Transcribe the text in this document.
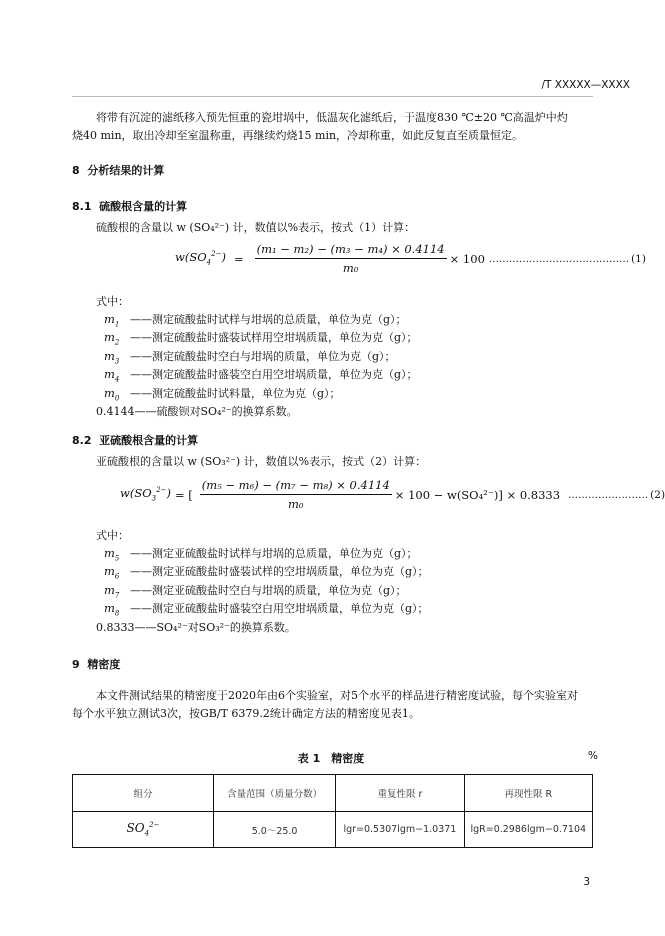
/T XXXXX—XXXX
将带有沉淀的滤纸移入预先恒重的瓷坩埚中，低温灰化滤纸后，于温度830 ℃±20 ℃高温炉中灼
烧40 min，取出冷却至室温称重，再继续灼烧15 min，冷却称重，如此反复直至质量恒定。
8 分析结果的计算
8.1 硫酸根含量的计算
硫酸根的含量以 w (SO₄²⁻) 计，数值以%表示，按式（1）计算：
$w(SO_4^{2-}) = \frac{\text{(m₁ − m₂) − (m₃ − m₄) × 0.4114}}{\text{m₀}} \times 100$ .......................................... (1)
式中：
$m_1$ ——测定硫酸盐时试样与坩埚的总质量，单位为克（g）；
$m_2$ ——测定硫酸盐时盛装试样用空坩埚质量，单位为克（g）；
$m_3$ ——测定硫酸盐时空白与坩埚的质量，单位为克（g）；
$m_4$ ——测定硫酸盐时盛装空白用空坩埚质量，单位为克（g）；
$m_0$ ——测定硫酸盐时试料量，单位为克（g）；
0.4144——硫酸钡对SO₄²⁻的换算系数。
8.2 亚硫酸根含量的计算
亚硫酸根的含量以 w (SO₃²⁻) 计，数值以%表示，按式（2）计算：
$w(SO_3^{2-})$ = [ $\frac{\text{(m₅ − m₆) − (m₇ − m₈) × 0.4114}}{\text{m₀}} \times 100 - w(SO_4^{2-})] \times 0.8333$ ........................ (2)
式中：
$m_5$ ——测定亚硫酸盐时试样与坩埚的总质量，单位为克（g）；
$m_6$ ——测定亚硫酸盐时盛装试样的空坩埚质量，单位为克（g）；
$m_7$ ——测定亚硫酸盐时空白与坩埚的质量，单位为克（g）；
$m_8$ ——测定亚硫酸盐时盛装空白用空坩埚质量，单位为克（g）；
0.8333——SO₄²⁻对SO₃²⁻的换算系数。
9 精密度
本文件测试结果的精密度于2020年由6个实验室，对5个水平的样品进行精密度试验，每个实验室对
每个水平独立测试3次，按GB/T 6379.2统计确定方法的精密度见表1。
表 1　精密度	%
组分	含量范围（质量分数）	重复性限 r	再现性限 R
$SO_4^{2-}$	5.0～25.0	lgr=0.5307lgm−1.0371	lgR=0.2986lgm−0.7104
3
